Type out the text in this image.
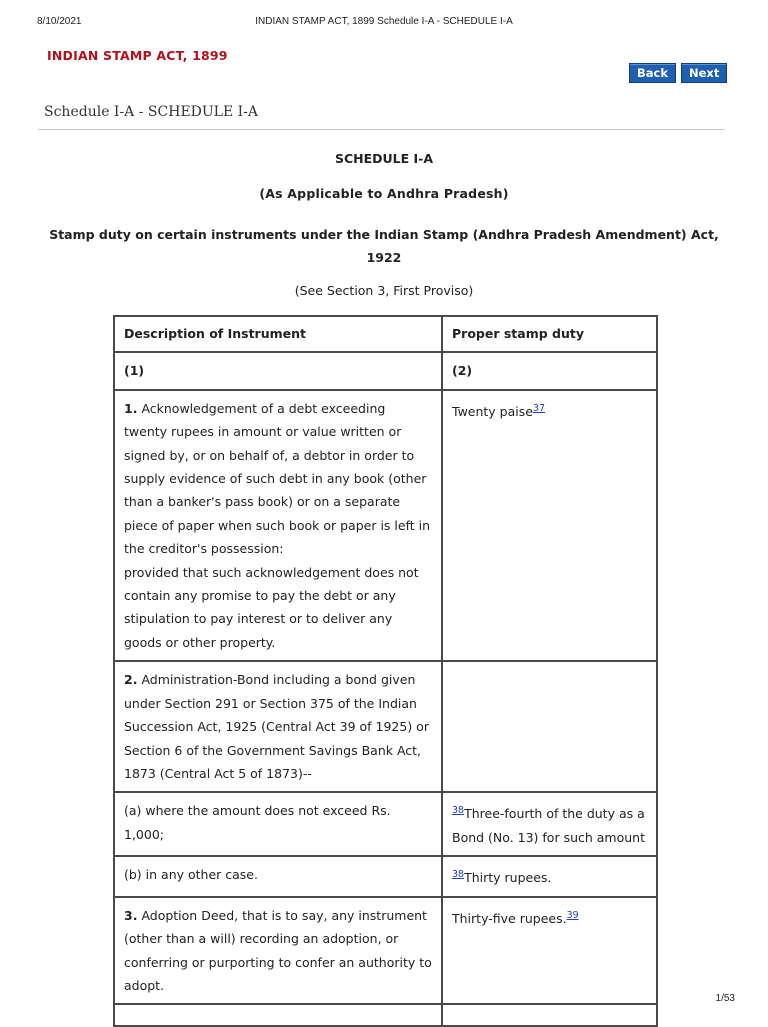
INDIAN STAMP ACT, 1899 Schedule I-A - SCHEDULE I-A
8/10/2021
INDIAN STAMP ACT, 1899
Back	Next
Schedule I-A - SCHEDULE I-A
SCHEDULE I-A
(As Applicable to Andhra Pradesh)
Stamp duty on certain instruments under the Indian Stamp (Andhra Pradesh Amendment) Act, 1922
(See Section 3, First Proviso)
Description of Instrument	Proper stamp duty
(1)	(2)

1. Acknowledgement of a debt exceeding twenty rupees in amount or value written or signed by, or on behalf of, a debtor in order to supply evidence of such debt in any book (other than a banker's pass book) or on a separate piece of paper when such book or paper is left in the creditor's possession:

provided that such acknowledgement does not contain any promise to pay the debt or any stipulation to pay interest or to deliver any goods or other property.	Twenty paise$^{37}$
2. Administration-Bond including a bond given under Section 291 or Section 375 of the Indian Succession Act, 1925 (Central Act 39 of 1925) or Section 6 of the Government Savings Bank Act, 1873 (Central Act 5 of 1873)--	
(a) where the amount does not exceed Rs. 1,000;	$^{38}$Three-fourth of the duty as a Bond (No. 13) for such amount
(b) in any other case.	$^{38}$Thirty rupees.
3. Adoption Deed, that is to say, any instrument (other than a will) recording an adoption, or conferring or purporting to confer an authority to adopt.	Thirty-five rupees.$^{39}$

1/53
